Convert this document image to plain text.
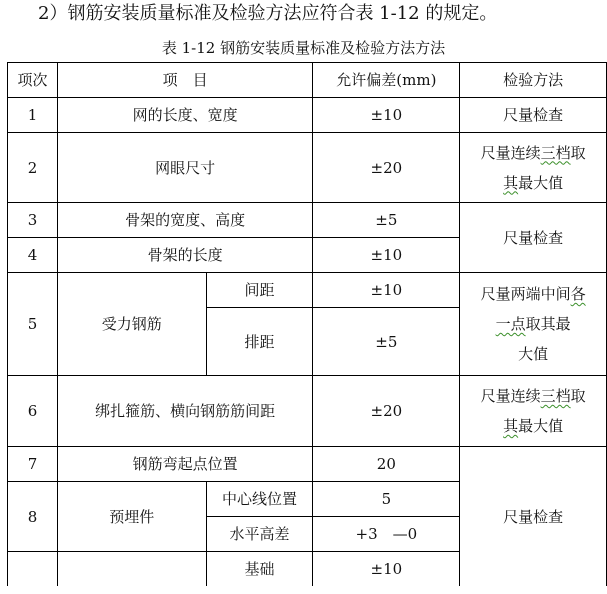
2）钢筋安装质量标准及检验方法应符合表 1-12 的规定。
表 1-12 钢筋安装质量标准及检验方法方法
项次	项　目		允许偏差(mm)	检验方法
1	网的长度、宽度		±10	尺量检查
2	网眼尺寸		±20	尺量连续三档取
其最大值
3	骨架的宽度、高度		±5	尺量检查
4	骨架的长度		±10	
5	受力钢筋	间距	±10	尺量两端中间各
一点取其最
大值
		排距	±5	
6	绑扎箍筋、横向钢筋筋间距		±20	尺量连续三档取
其最大值
7	钢筋弯起点位置		20	尺量检查
8	预埋件	中心线位置	5	
		水平高差	+3　—0	
		基础	±10	
